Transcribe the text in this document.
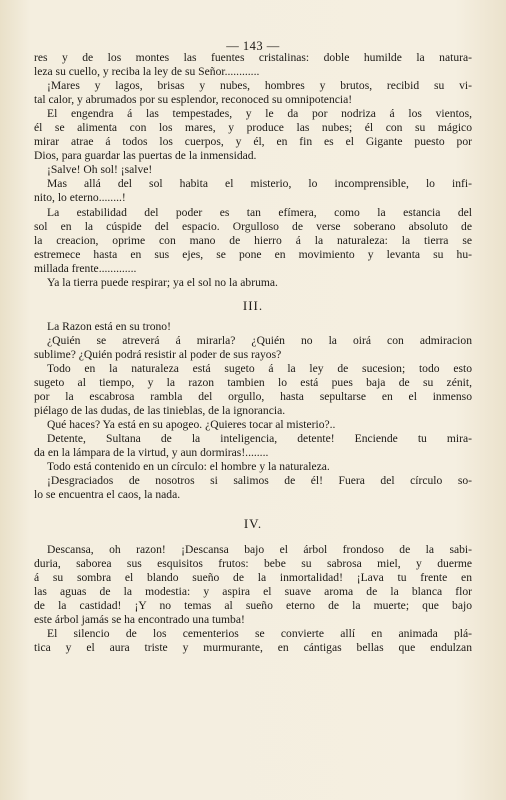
— 143 —
res y de los montes las fuentes cristalinas: doble humilde la natura-
leza su cuello, y reciba la ley de su Señor............
¡Mares y lagos, brisas y nubes, hombres y brutos, recibid su vi-
tal calor, y abrumados por su esplendor, reconoced su omnipotencia!
El engendra á las tempestades, y le da por nodriza á los vientos,
él se alimenta con los mares, y produce las nubes; él con su mágico
mirar atrae á todos los cuerpos, y él, en fin es el Gigante puesto por
Dios, para guardar las puertas de la inmensidad.
¡Salve! Oh sol! ¡salve!
Mas allá del sol habita el misterio, lo incomprensible, lo infi-
nito, lo eterno........!
La estabilidad del poder es tan efímera, como la estancia del
sol en la cúspide del espacio. Orgulloso de verse soberano absoluto de
la creacion, oprime con mano de hierro á la naturaleza: la tierra se
estremece hasta en sus ejes, se pone en movimiento y levanta su hu-
millada frente.............
Ya la tierra puede respirar; ya el sol no la abruma.
III.
La Razon está en su trono!
¿Quién se atreverá á mirarla? ¿Quién no la oirá con admiracion
sublime? ¿Quién podrá resistir al poder de sus rayos?
Todo en la naturaleza está sugeto á la ley de sucesion; todo esto
sugeto al tiempo, y la razon tambien lo está pues baja de su zénit,
por la escabrosa rambla del orgullo, hasta sepultarse en el inmenso
piélago de las dudas, de las tinieblas, de la ignorancia.
Qué haces? Ya está en su apogeo. ¿Quieres tocar al misterio?..
Detente, Sultana de la inteligencia, detente! Enciende tu mira-
da en la lámpara de la virtud, y aun dormiras!........
Todo está contenido en un círculo: el hombre y la naturaleza.
¡Desgraciados de nosotros si salimos de él! Fuera del círculo so-
lo se encuentra el caos, la nada.
IV.
Descansa, oh razon! ¡Descansa bajo el árbol frondoso de la sabi-
duria, saborea sus esquisitos frutos: bebe su sabrosa miel, y duerme
á su sombra el blando sueño de la inmortalidad! ¡Lava tu frente en
las aguas de la modestia: y aspira el suave aroma de la blanca flor
de la castidad! ¡Y no temas al sueño eterno de la muerte; que bajo
este árbol jamás se ha encontrado una tumba!
El silencio de los cementerios se convierte allí en animada plá-
tica y el aura triste y murmurante, en cántigas bellas que endulzan
